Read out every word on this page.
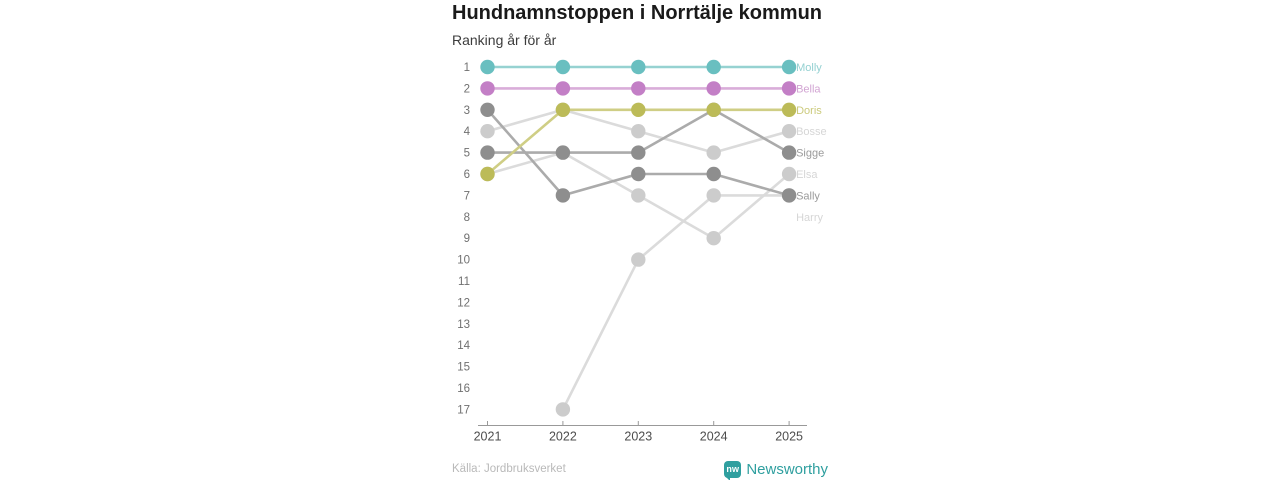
1
2
3
4
5
6
7
8
9
10
11
12
13
14
15
16
17
2021	2022	2023	2024	2025
Molly
Bella
Doris
Bosse
Sigge
Elsa
Sally
Harry
Hundnamnstoppen i Norrtälje kommun
Ranking år för år
Källa: Jordbruksverket	nw Newsworthy
